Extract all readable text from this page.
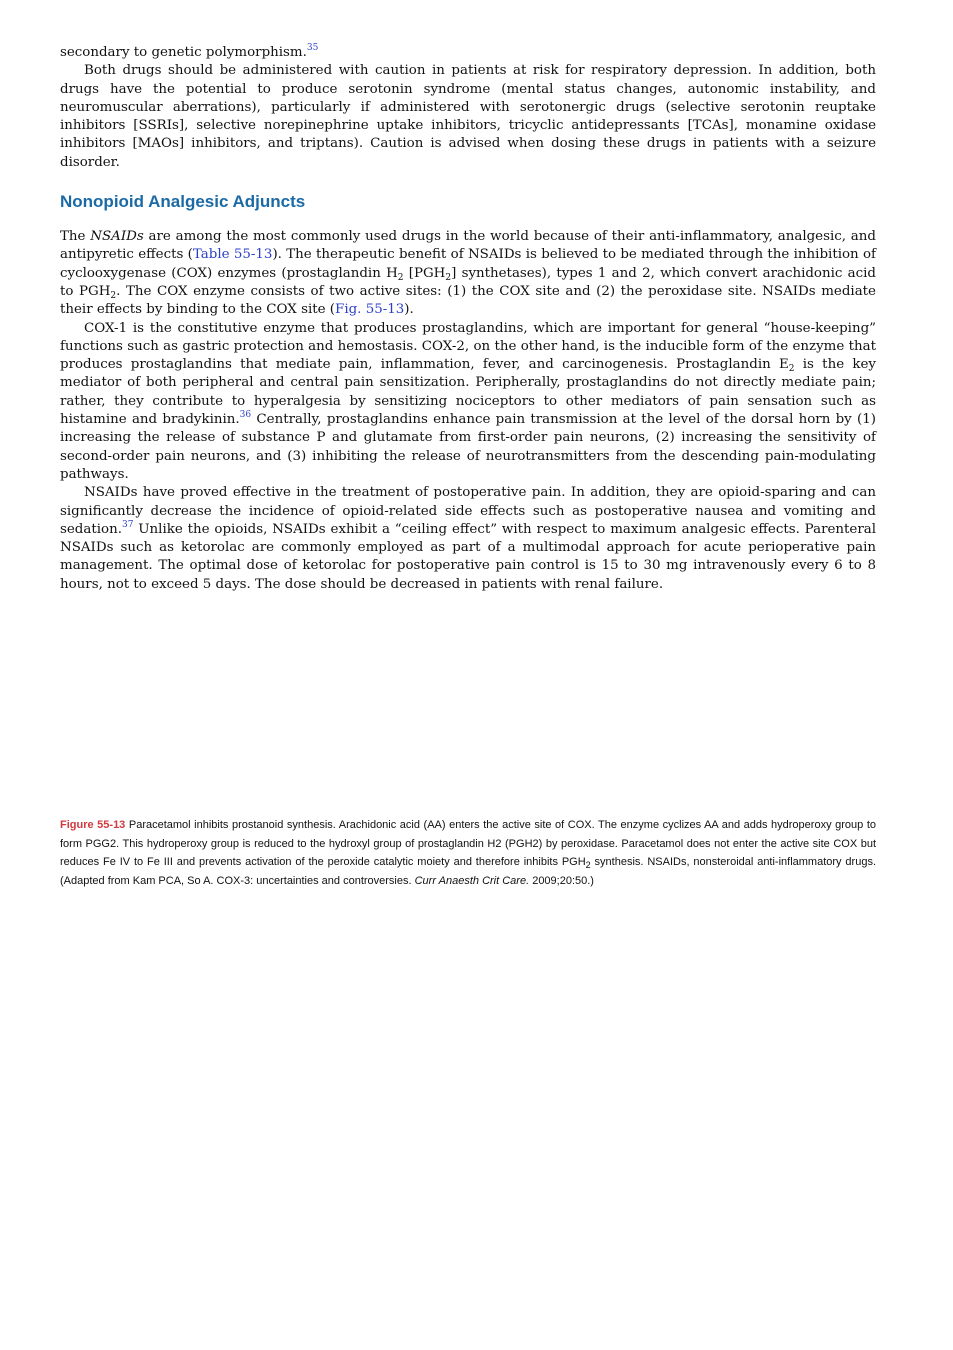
secondary to genetic polymorphism.$^{35}$

Both drugs should be administered with caution in patients at risk for respiratory depression. In addition, both drugs have the potential to produce serotonin syndrome (mental status changes, autonomic instability, and neuromuscular aberrations), particularly if administered with serotonergic drugs (selective serotonin reuptake inhibitors [SSRIs], selective norepinephrine uptake inhibitors, tricyclic antidepressants [TCAs], monamine oxidase inhibitors [MAOs] inhibitors, and triptans). Caution is advised when dosing these drugs in patients with a seizure disorder.

Nonopioid Analgesic Adjuncts

The NSAIDs are among the most commonly used drugs in the world because of their anti-inflammatory, analgesic, and antipyretic effects (Table 55-13). The therapeutic benefit of NSAIDs is believed to be mediated through the inhibition of cyclooxygenase (COX) enzymes (prostaglandin $H_2$ $[PGH_2]$ synthetases), types 1 and 2, which convert arachidonic acid to $PGH_2$. The COX enzyme consists of two active sites: (1) the COX site and (2) the peroxidase site. NSAIDs mediate their effects by binding to the COX site (Fig. 55-13).

COX-1 is the constitutive enzyme that produces prostaglandins, which are important for general “house-keeping” functions such as gastric protection and hemostasis. COX-2, on the other hand, is the inducible form of the enzyme that produces prostaglandins that mediate pain, inflammation, fever, and carcinogenesis. Prostaglandin $E_2$ is the key mediator of both peripheral and central pain sensitization. Peripherally, prostaglandins do not directly mediate pain; rather, they contribute to hyperalgesia by sensitizing nociceptors to other mediators of pain sensation such as histamine and bradykinin.$^{36}$ Centrally, prostaglandins enhance pain transmission at the level of the dorsal horn by (1) increasing the release of substance P and glutamate from first-order pain neurons, (2) increasing the sensitivity of second-order pain neurons, and (3) inhibiting the release of neurotransmitters from the descending pain-modulating pathways.

NSAIDs have proved effective in the treatment of postoperative pain. In addition, they are opioid-sparing and can significantly decrease the incidence of opioid-related side effects such as postoperative nausea and vomiting and sedation.$^{37}$ Unlike the opioids, NSAIDs exhibit a “ceiling effect” with respect to maximum analgesic effects. Parenteral NSAIDs such as ketorolac are commonly employed as part of a multimodal approach for acute perioperative pain management. The optimal dose of ketorolac for postoperative pain control is 15 to 30 mg intravenously every 6 to 8 hours, not to exceed 5 days. The dose should be decreased in patients with renal failure.

Figure 55-13 Paracetamol inhibits prostanoid synthesis. Arachidonic acid (AA) enters the active site of COX. The enzyme cyclizes AA and adds hydroperoxy group to form PGG2. This hydroperoxy group is reduced to the hydroxyl group of prostaglandin H2 (PGH2) by peroxidase. Paracetamol does not enter the active site COX but reduces Fe IV to Fe III and prevents activation of the peroxide catalytic moiety and therefore inhibits $PGH_2$ synthesis. NSAIDs, nonsteroidal anti-inflammatory drugs. (Adapted from Kam PCA, So A. COX-3: uncertainties and controversies. Curr Anaesth Crit Care. 2009;20:50.)
